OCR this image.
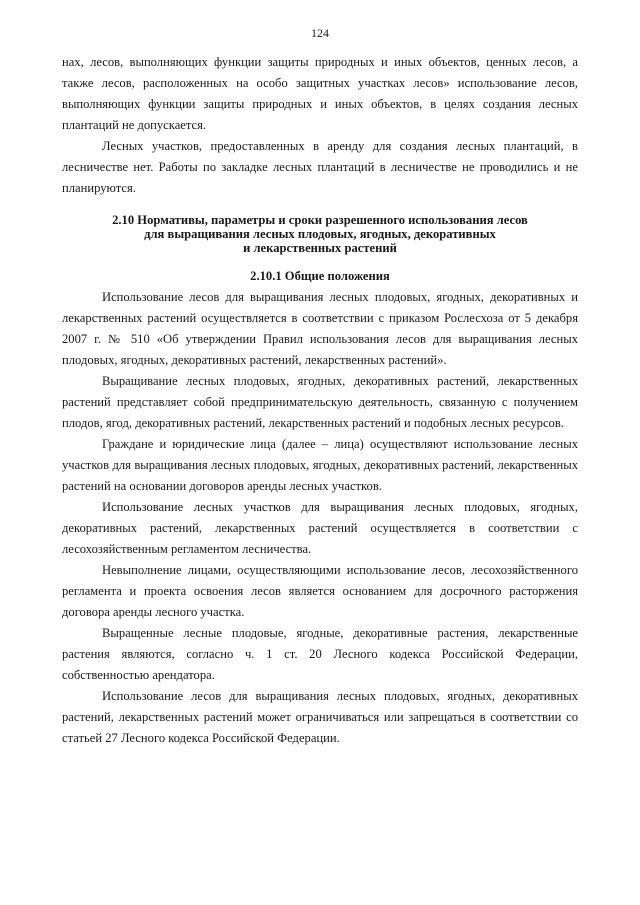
124

нах, лесов, выполняющих функции защиты природных и иных объектов, ценных лесов, а также лесов, расположенных на особо защитных участках лесов» использование лесов, выполняющих функции защиты природных и иных объектов, в целях создания лесных плантаций не допускается.

Лесных участков, предоставленных в аренду для создания лесных плантаций, в лесничестве нет. Работы по закладке лесных плантаций в лесничестве не проводились и не планируются.

2.10 Нормативы, параметры и сроки разрешенного использования лесов
для выращивания лесных плодовых, ягодных, декоративных
и лекарственных растений

2.10.1 Общие положения

Использование лесов для выращивания лесных плодовых, ягодных, декоративных и лекарственных растений осуществляется в соответствии с приказом Рослесхоза от 5 декабря 2007 г. № 510 «Об утверждении Правил использования лесов для выращивания лесных плодовых, ягодных, декоративных растений, лекарственных растений».

Выращивание лесных плодовых, ягодных, декоративных растений, лекарственных растений представляет собой предпринимательскую деятельность, связанную с получением плодов, ягод, декоративных растений, лекарственных растений и подобных лесных ресурсов.

Граждане и юридические лица (далее – лица) осуществляют использование лесных участков для выращивания лесных плодовых, ягодных, декоративных растений, лекарственных растений на основании договоров аренды лесных участков.

Использование лесных участков для выращивания лесных плодовых, ягодных, декоративных растений, лекарственных растений осуществляется в соответствии с лесохозяйственным регламентом лесничества.

Невыполнение лицами, осуществляющими использование лесов, лесохозяйственного регламента и проекта освоения лесов является основанием для досрочного расторжения договора аренды лесного участка.

Выращенные лесные плодовые, ягодные, декоративные растения, лекарственные растения являются, согласно ч. 1 ст. 20 Лесного кодекса Российской Федерации, собственностью арендатора.

Использование лесов для выращивания лесных плодовых, ягодных, декоративных растений, лекарственных растений может ограничиваться или запрещаться в соответствии со статьей 27 Лесного кодекса Российской Федерации.
